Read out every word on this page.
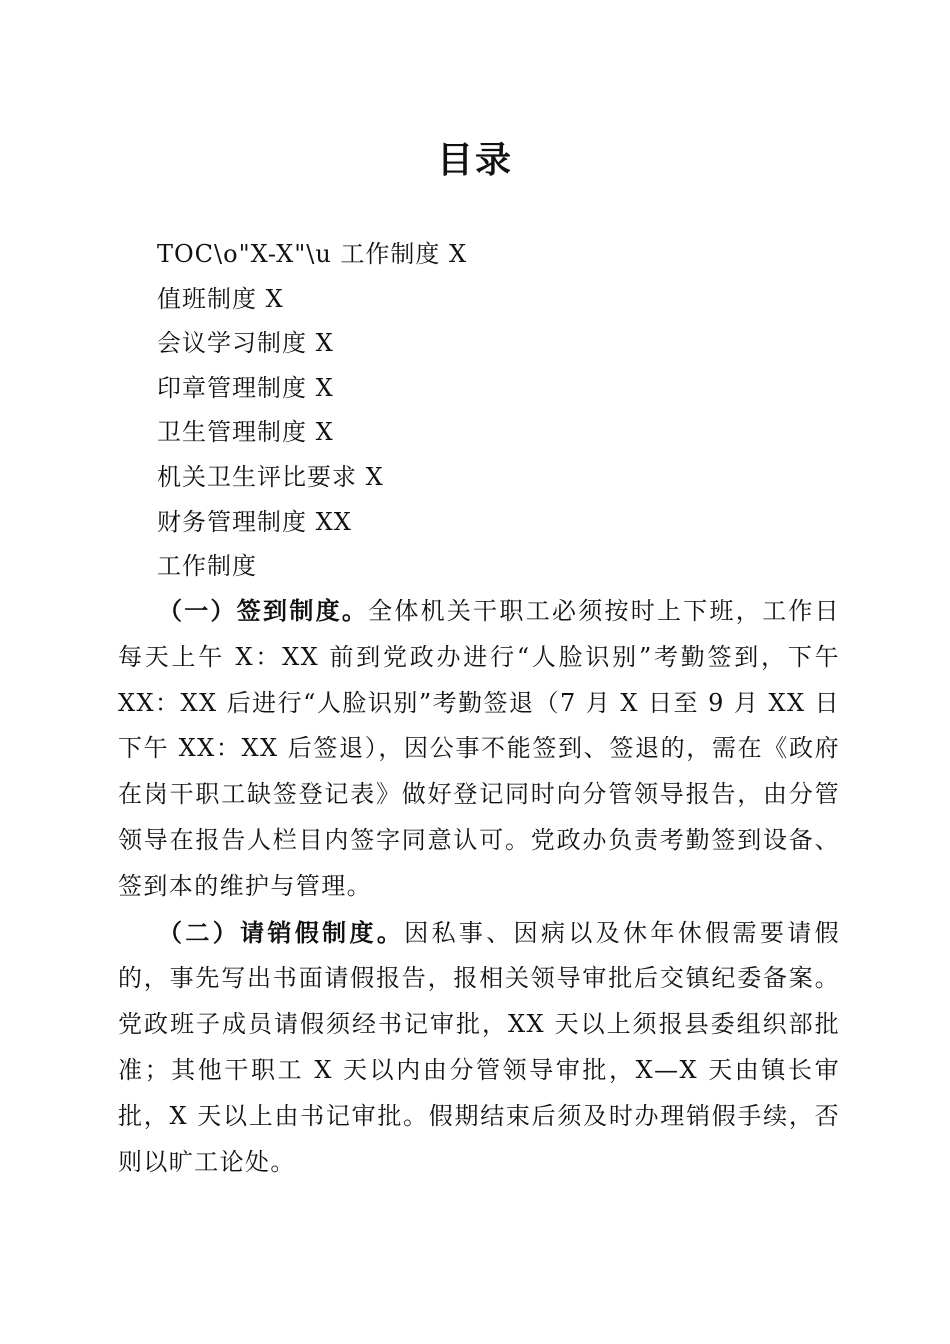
目录
TOC\o"X-X"\u 工作制度 X
值班制度 X
会议学习制度 X
印章管理制度 X
卫生管理制度 X
机关卫生评比要求 X
财务管理制度 XX
工作制度

（一）签到制度。全体机关干职工必须按时上下班，工作日每天上午 X：XX 前到党政办进行“人脸识别”考勤签到，下午 XX：XX 后进行“人脸识别”考勤签退（7 月 X 日至 9 月 XX 日下午 XX：XX 后签退），因公事不能签到、签退的，需在《政府在岗干职工缺签登记表》做好登记同时向分管领导报告，由分管领导在报告人栏目内签字同意认可。党政办负责考勤签到设备、签到本的维护与管理。

（二）请销假制度。因私事、因病以及休年休假需要请假的，事先写出书面请假报告，报相关领导审批后交镇纪委备案。党政班子成员请假须经书记审批，XX 天以上须报县委组织部批准；其他干职工 X 天以内由分管领导审批，X—X 天由镇长审批，X 天以上由书记审批。假期结束后须及时办理销假手续，否则以旷工论处。
